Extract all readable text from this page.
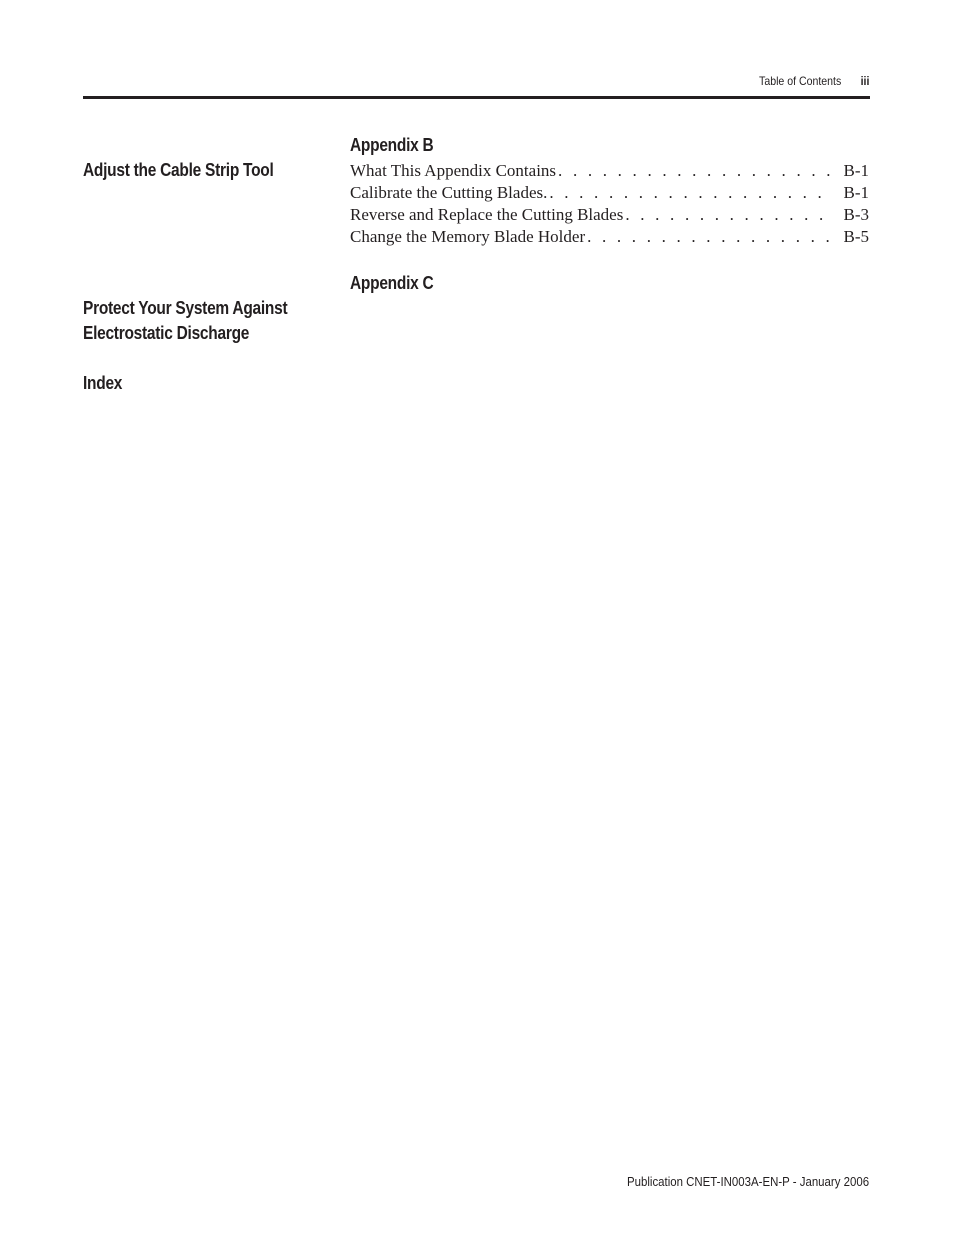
Table of Contents iii
Appendix B
Adjust the Cable Strip Tool	What This Appendix Contains . . .	B-1
Calibrate the Cutting Blades. . . .	B-1
Reverse and Replace the Cutting Blades . . .	B-3
Change the Memory Blade Holder . . .	B-5
Appendix C
Protect Your System Against
Electrostatic Discharge
Index
Publication CNET-IN003A-EN-P - January 2006
